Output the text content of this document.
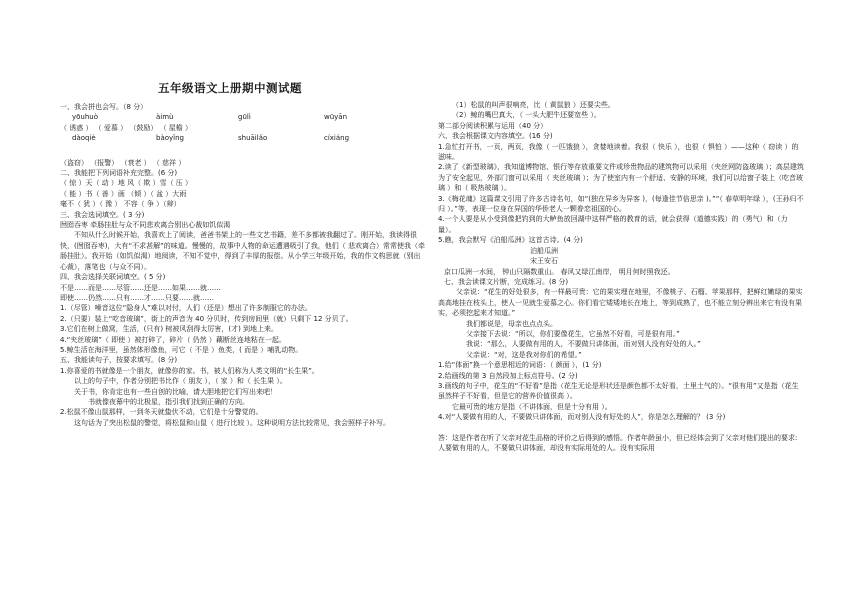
五年级语文上册期中测试题
一、我会拼也会写。（8 分）
yōuhuò	àimù	gūlì	wūyān
（ 诱惑 ） （ 爱慕 ） （鼓励） （ 屋檐 ）
dàoqiè	bàoyǐng	shuāilǎo	cíxiáng
（盗窃） （报警） （衰老 ） （ 慈祥 ）
二、我能把下列词语补充完整。(6 分)
（ 惊 ）天（ 动 ）地 风（ 欺 ）雪（ 压 ）
（ 能 ）书（ 善 ）画 （倾 ）（ 盆 ）大雨
毫不（ 犹 ）（ 豫 ） 不容（ 争 ）（辩）
三、我会选词填空。( 3 分)
囫囵吞枣 牵肠挂肚与众不同悲欢离合别出心裁如饥似渴
不知从什么时候开始，我喜欢上了阅读，爸爸书架上的一些文艺书籍，差不多都被我翻过了。刚开始，我读得很快，(囫囵吞枣)，大有“不求甚解”的味道。慢慢的，故事中人物的命运遭遇吸引了我，他们（ 悲欢离合）常常使我（牵肠挂肚）。我开始（如饥似渴）地阅读，不知不觉中，得到了丰厚的报偿。从小学三年级开始，我的作文构思就（别出心裁），落笔也（与众不同）。
四、我会选择关联词填空。( 5 分)
不是……而是……尽管……还是……如果……就……
即使……仍然……只有……才……只要……就……
1.（尽管）噪音这位“隐身人”难以对付，人们（还是）想出了许多制服它的办法。
2.（只要）装上“吃音玻璃”，街上的声音为 40 分贝时，传到房间里（就）只剩下 12 分贝了。
3.它们在树上做窝，生活，(只有) 树被风刮得太厉害，(才) 到地上来。
4.“夹丝玻璃”（ 即使 ）被打碎了，碎片（ 仍然 ）藕断丝连地粘在一起。
5.鲸生活在海洋里，虽然体形像鱼，可它（ 不是 ）鱼类，( 而是 ）哺乳动物。
五、我能读句子，按要求填写。(8 分)
1.你喜爱的书就像是一个朋友，就像你的家。书，被人们称为人类文明的“长生果”。
以上的句子中，作者分别把书比作（ 朋友 ），（ 家 ）和（ 长生果 ）。
关于书，你肯定也有一些自创的比喻，请大胆地把它们写出来吧！
书就像夜幕中的北极星，指引我们找到正确的方向。
2.松鼠不像山鼠那样，一到冬天就蛰伏不动，它们是十分警觉的。
这句话为了突出松鼠的警觉，将松鼠和山鼠（ 进行比较 ）。这种说明方法比较常见，我会照样子补写。
（1）松鼠的叫声很响亮，比（ 黄鼠狼 ）还要尖些。
（2）鲸的嘴巴真大，（ 一头大肥牛还要宽些 ）。
第二部分阅读积累与运用（40 分）
六、我会根据课文内容填空。(16 分)
1.急忙打开书，一页，两页，我像（ 一匹饿狼 ），贪婪地读着。我很（ 快乐 ），也很（ 惧怕 ）——这种（ 窃读 ）的滋味。
2.读了《新型玻璃》，我知道博物馆、银行等存放重要文件或珍贵物品的建筑物可以采用（夹丝网防盗玻璃 ）；高层建筑为了安全起见，外部门窗可以采用（ 夹丝玻璃 ）；为了使室内有一个舒适、安静的环境，我们可以给窗子装上（吃音玻璃 ）和（ 吸热玻璃 ）。
3.《梅花魂》这篇课文引用了许多古诗名句，如“(独在异乡为异客 )，(每逢佳节倍思亲 )。”“（ 春草明年绿 ），(王孙归不归 ）。”等，表现一位身在异国的华侨老人一颗眷恋祖国的心。
4.一个人要是从小受到像把钓到的大鲈鱼放回湖中这样严格的教育的话，就会获得（道德实践）的（勇气）和（力量）。
5.瞧，我会默写《泊船瓜洲》这首古诗。(4 分)
泊船瓜洲
宋王安石
京口瓜洲一水间， 钟山只隔数重山。 春风又绿江南岸， 明月何时照我还。
七、我会读课文片断，完成练习。(8 分)
父亲说：“花生的好处很多，有一样最可贵：它的果实埋在地里，不像桃子、石榴、苹果那样，把鲜红嫩绿的果实高高地挂在枝头上，使人一见就生爱慕之心。你们看它矮矮地长在地上，等到成熟了，也不能立刻分辨出来它有没有果实，必须挖起来才知道。”
我们都说是，母亲也点点头。
父亲接下去说：“所以，你们要像花生，它虽然不好看，可是很有用。”
我说：“那么，人要做有用的人，不要做只讲体面，而对别人没有好处的人。”
父亲说：“对，这是我对你们的希望。”
1.给“体面”换一个意思相近的词语：（ 颜面 ），(1 分)
2.给画线的第 3 自然段加上标点符号。(2 分)
3.画线的句子中，花生的“不好看”是指（花生无论是形状还是颜色都不太好看，土里土气的）。“很有用”又是指（花生虽然样子不好看，但是它的营养价值很高 ）。
它最可贵的地方是指（不讲体面，但是十分有用 ）。
4.对“人要做有用的人，不要做只讲体面，而对别人没有好处的人”，你是怎么理解的？ (3 分)
答：这是作者在听了父亲对花生品格的评价之后得到的感悟。作者年龄虽小，但已经体会到了父亲对他们提出的要求:人要做有用的人，不要做只讲体面，却没有实际用处的人。没有实际用
